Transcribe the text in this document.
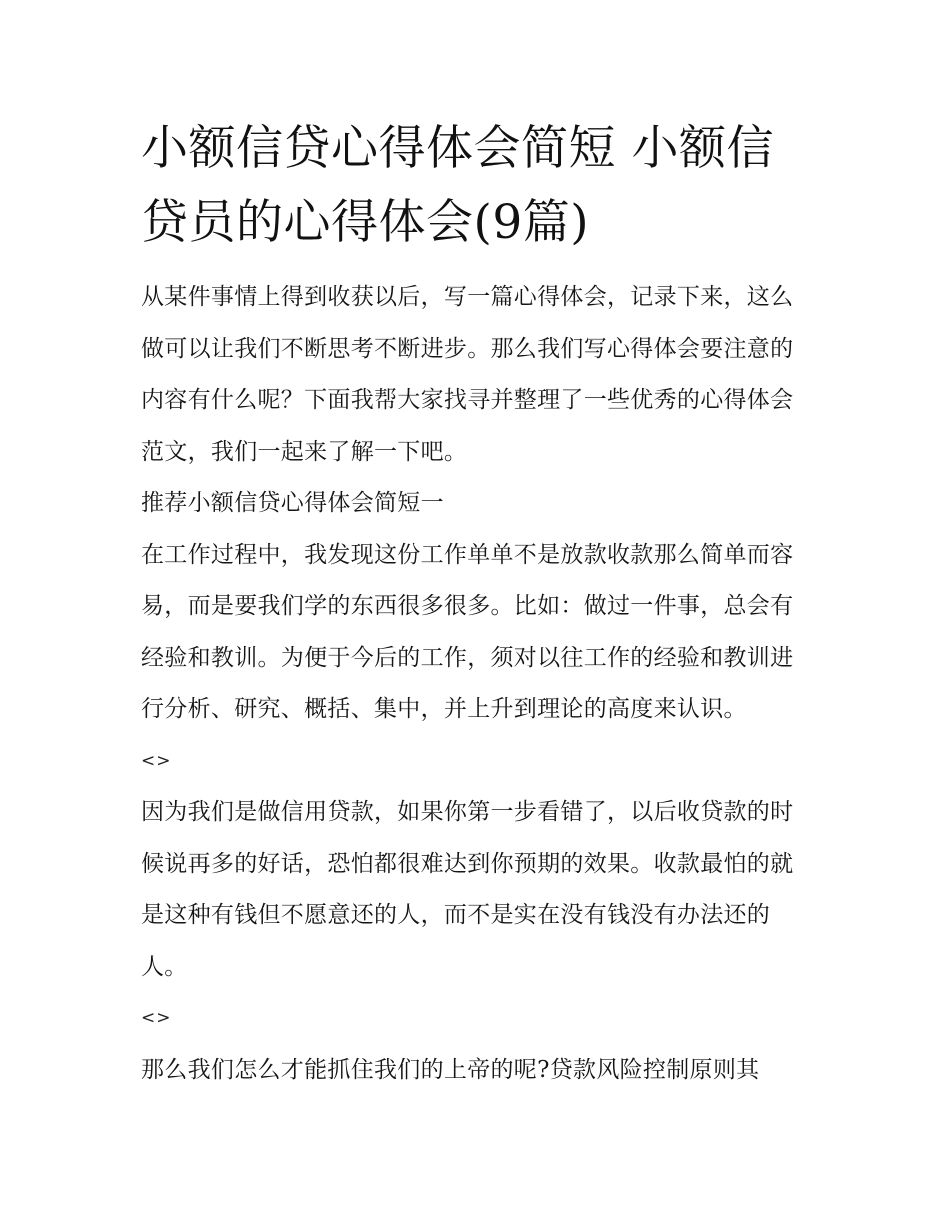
小额信贷心得体会简短 小额信贷员的心得体会(9篇)

从某件事情上得到收获以后，写一篇心得体会，记录下来，这么做可以让我们不断思考不断进步。那么我们写心得体会要注意的内容有什么呢？下面我帮大家找寻并整理了一些优秀的心得体会范文，我们一起来了解一下吧。

推荐小额信贷心得体会简短一

在工作过程中，我发现这份工作单单不是放款收款那么简单而容易，而是要我们学的东西很多很多。比如：做过一件事，总会有经验和教训。为便于今后的工作，须对以往工作的经验和教训进行分析、研究、概括、集中，并上升到理论的高度来认识。

<>

因为我们是做信用贷款，如果你第一步看错了，以后收贷款的时候说再多的好话，恐怕都很难达到你预期的效果。收款最怕的就是这种有钱但不愿意还的人，而不是实在没有钱没有办法还的人。

<>

那么我们怎么才能抓住我们的上帝的呢?贷款风险控制原则其
